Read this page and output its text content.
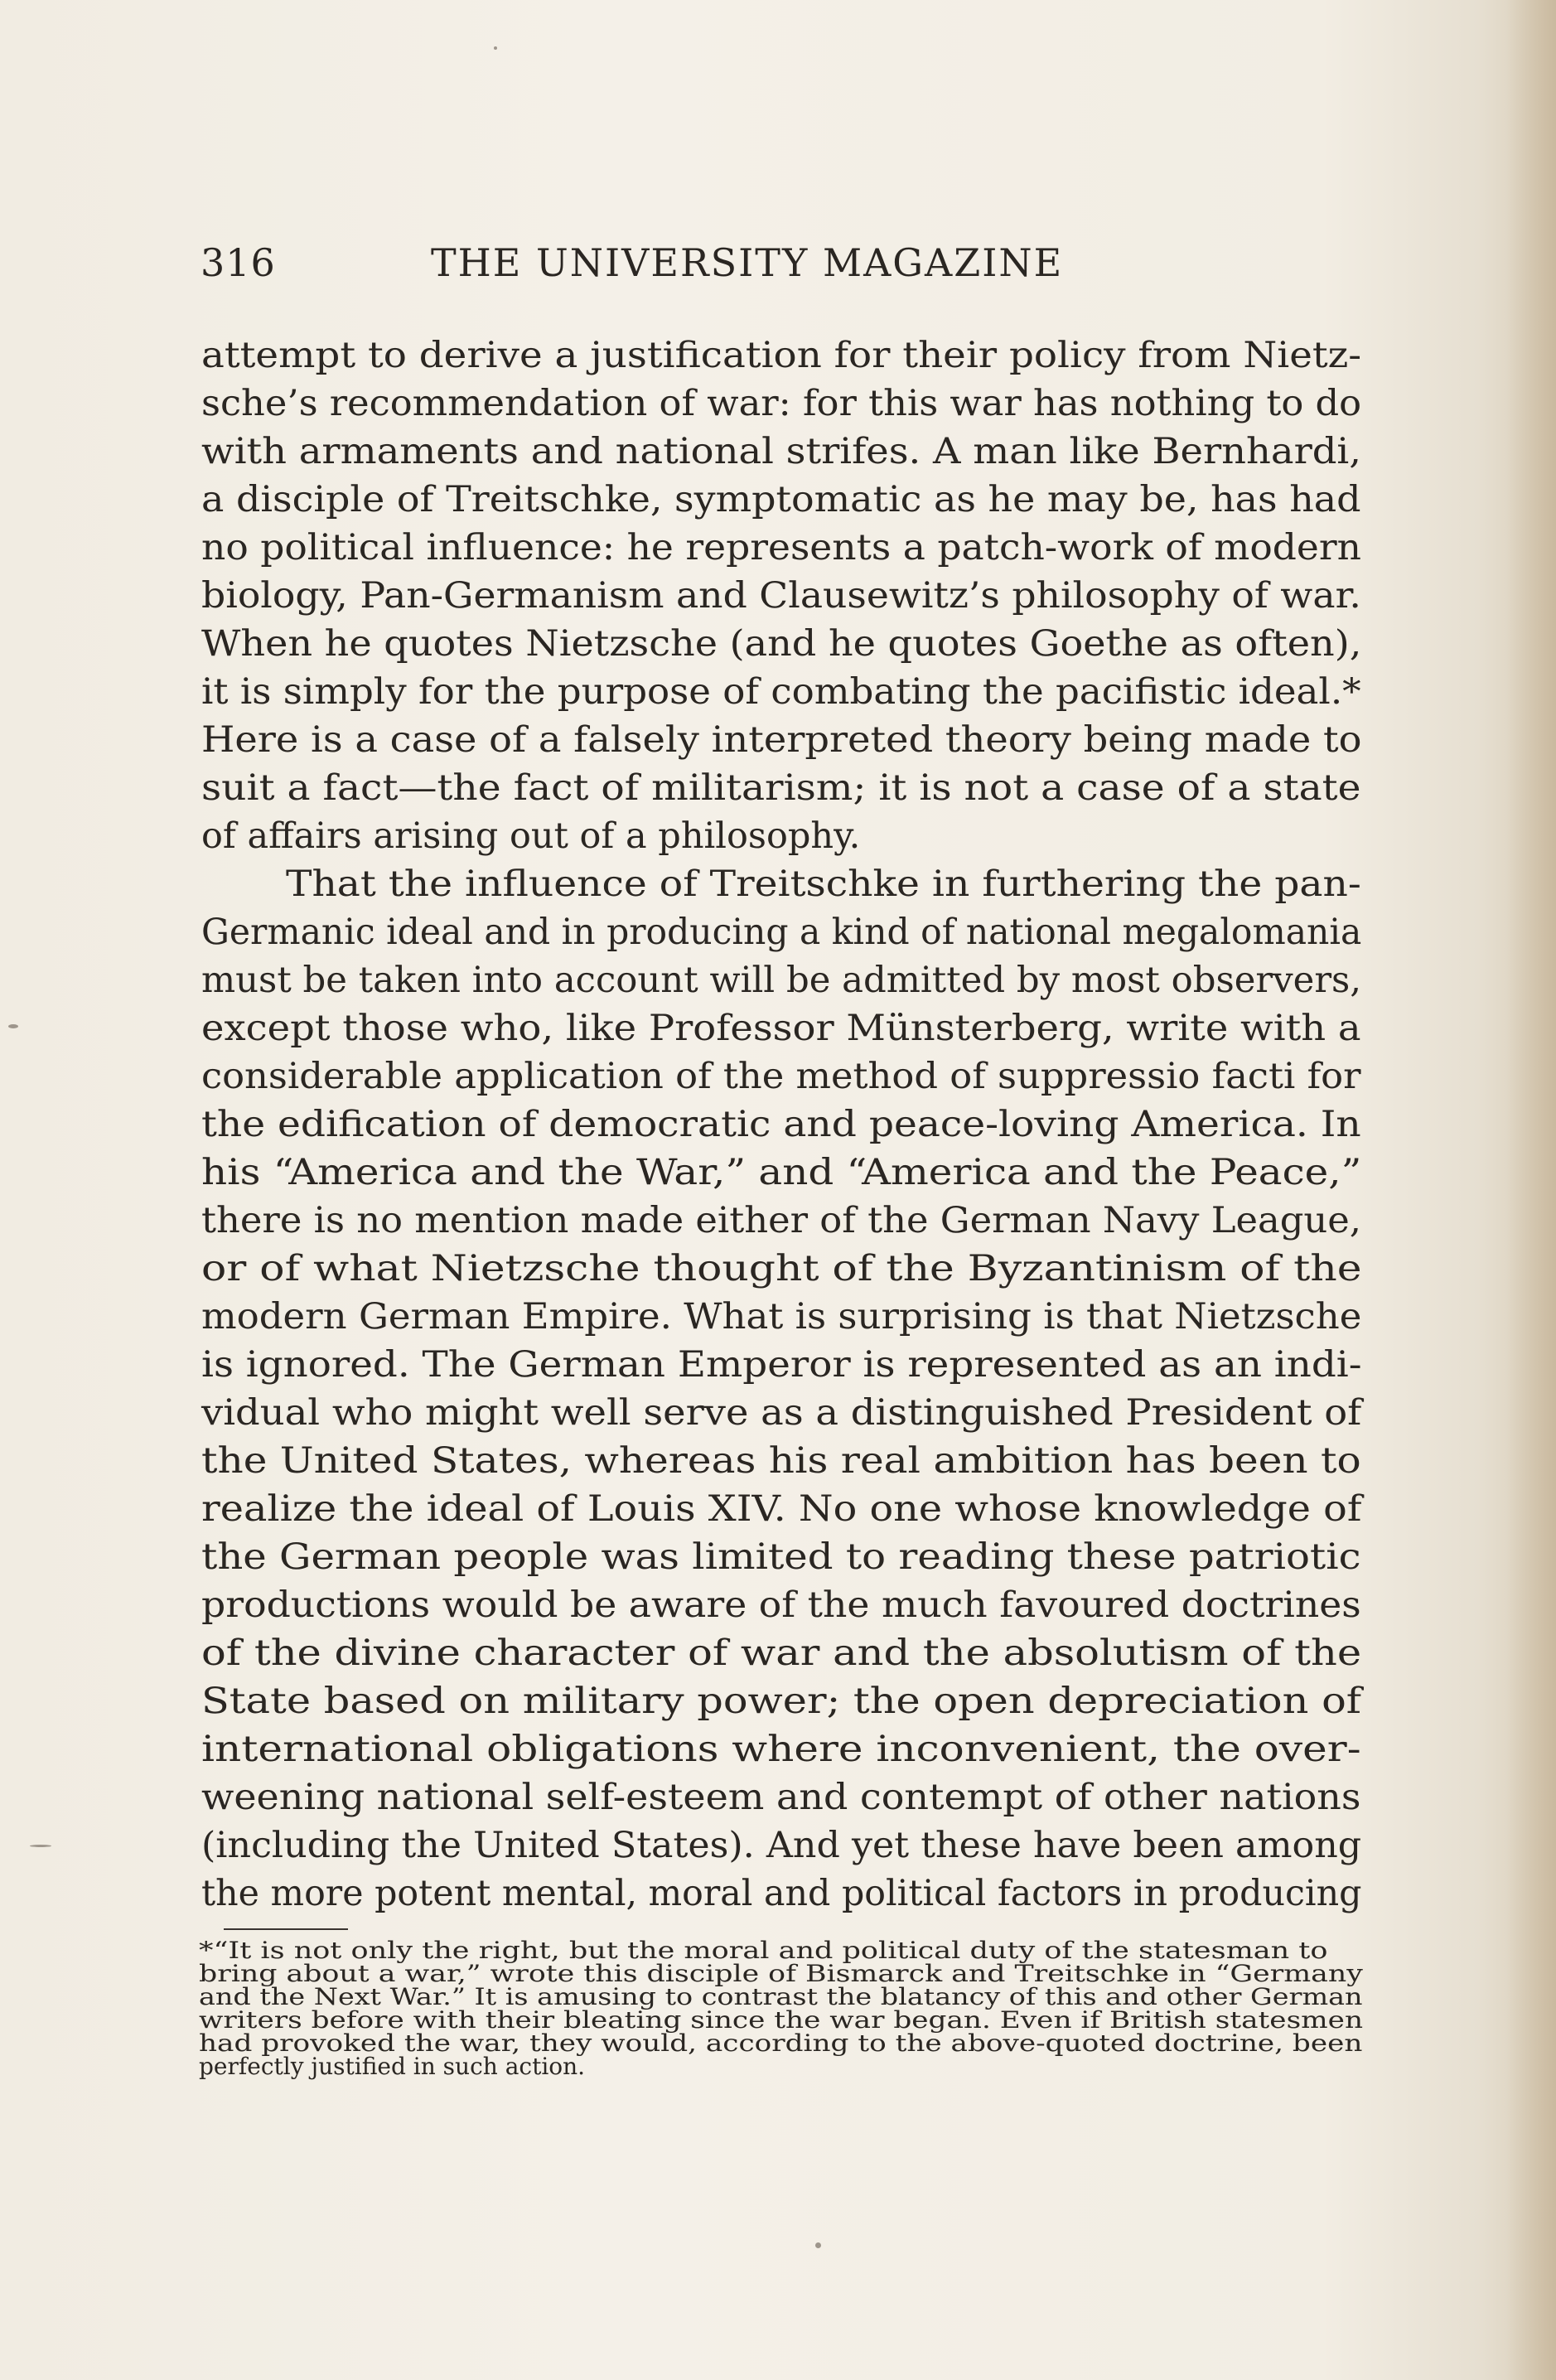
316	THE UNIVERSITY MAGAZINE
attempt to derive a justification for their policy from Nietz-
sche’s recommendation of war: for this war has nothing to do
with armaments and national strifes. A man like Bernhardi,
a disciple of Treitschke, symptomatic as he may be, has had
no political influence: he represents a patch-work of modern
biology, Pan-Germanism and Clausewitz’s philosophy of war.
When he quotes Nietzsche (and he quotes Goethe as often),
it is simply for the purpose of combating the pacifistic ideal.*
Here is a case of a falsely interpreted theory being made to
suit a fact—the fact of militarism; it is not a case of a state
of affairs arising out of a philosophy.
That the influence of Treitschke in furthering the pan-
Germanic ideal and in producing a kind of national megalomania
must be taken into account will be admitted by most observers,
except those who, like Professor Münsterberg, write with a
considerable application of the method of suppressio facti for
the edification of democratic and peace-loving America. In
his “America and the War,” and “America and the Peace,”
there is no mention made either of the German Navy League,
or of what Nietzsche thought of the Byzantinism of the
modern German Empire. What is surprising is that Nietzsche
is ignored. The German Emperor is represented as an indi-
vidual who might well serve as a distinguished President of
the United States, whereas his real ambition has been to
realize the ideal of Louis XIV. No one whose knowledge of
the German people was limited to reading these patriotic
productions would be aware of the much favoured doctrines
of the divine character of war and the absolutism of the
State based on military power; the open depreciation of
international obligations where inconvenient, the over-
weening national self-esteem and contempt of other nations
(including the United States). And yet these have been among
the more potent mental, moral and political factors in producing
*“It is not only the right, but the moral and political duty of the statesman to
bring about a war,” wrote this disciple of Bismarck and Treitschke in “Germany
and the Next War.” It is amusing to contrast the blatancy of this and other German
writers before with their bleating since the war began. Even if British statesmen
had provoked the war, they would, according to the above-quoted doctrine, been
perfectly justified in such action.
